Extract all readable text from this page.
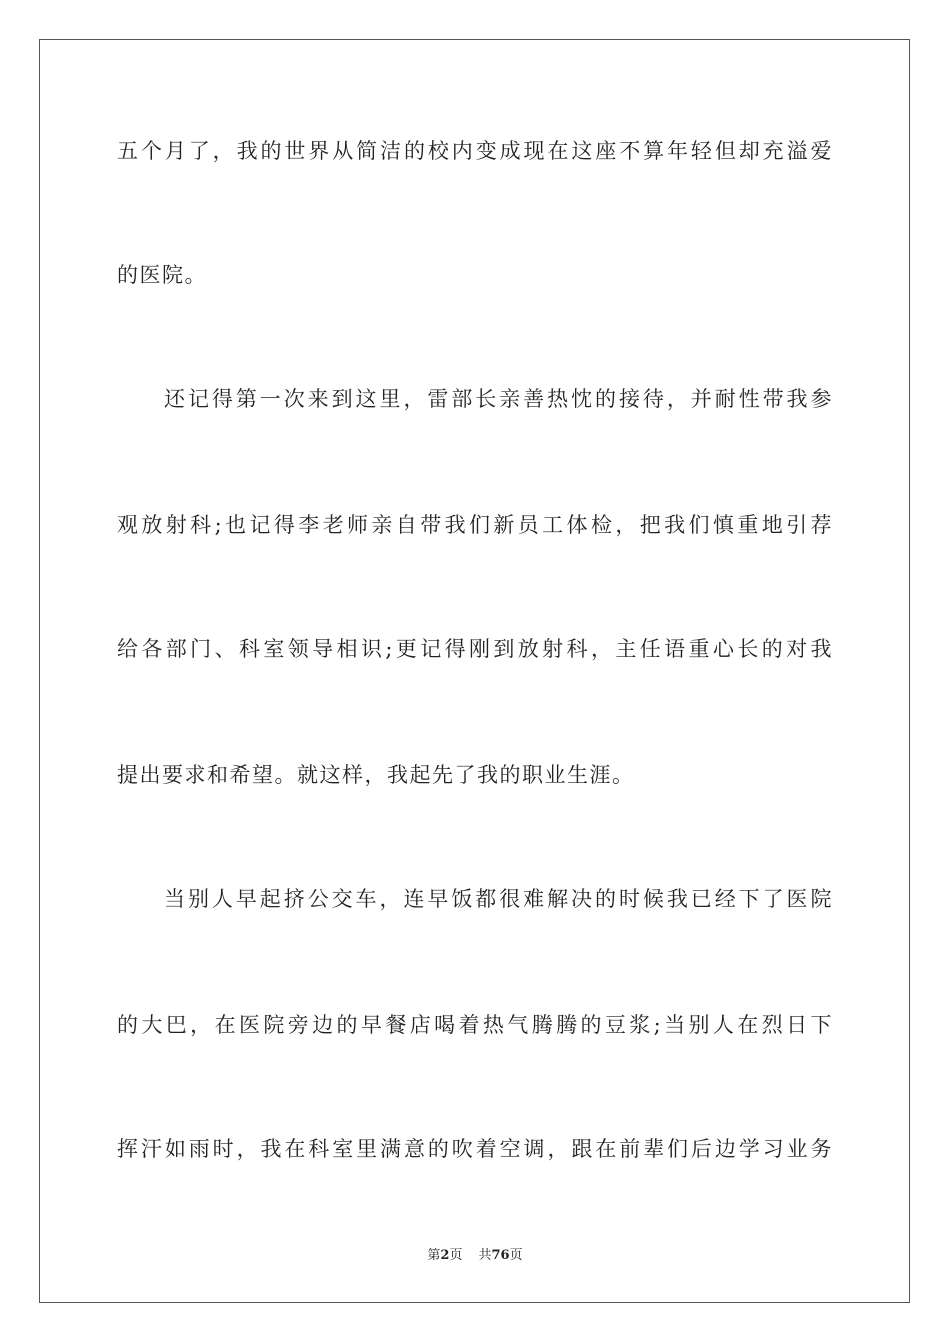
五个月了，我的世界从简洁的校内变成现在这座不算年轻但却充溢爱
的医院。
还记得第一次来到这里，雷部长亲善热忱的接待，并耐性带我参
观放射科;也记得李老师亲自带我们新员工体检，把我们慎重地引荐
给各部门、科室领导相识;更记得刚到放射科，主任语重心长的对我
提出要求和希望。就这样，我起先了我的职业生涯。
当别人早起挤公交车，连早饭都很难解决的时候我已经下了医院
的大巴，在医院旁边的早餐店喝着热气腾腾的豆浆;当别人在烈日下
挥汗如雨时，我在科室里满意的吹着空调，跟在前辈们后边学习业务
第2页 共76页
